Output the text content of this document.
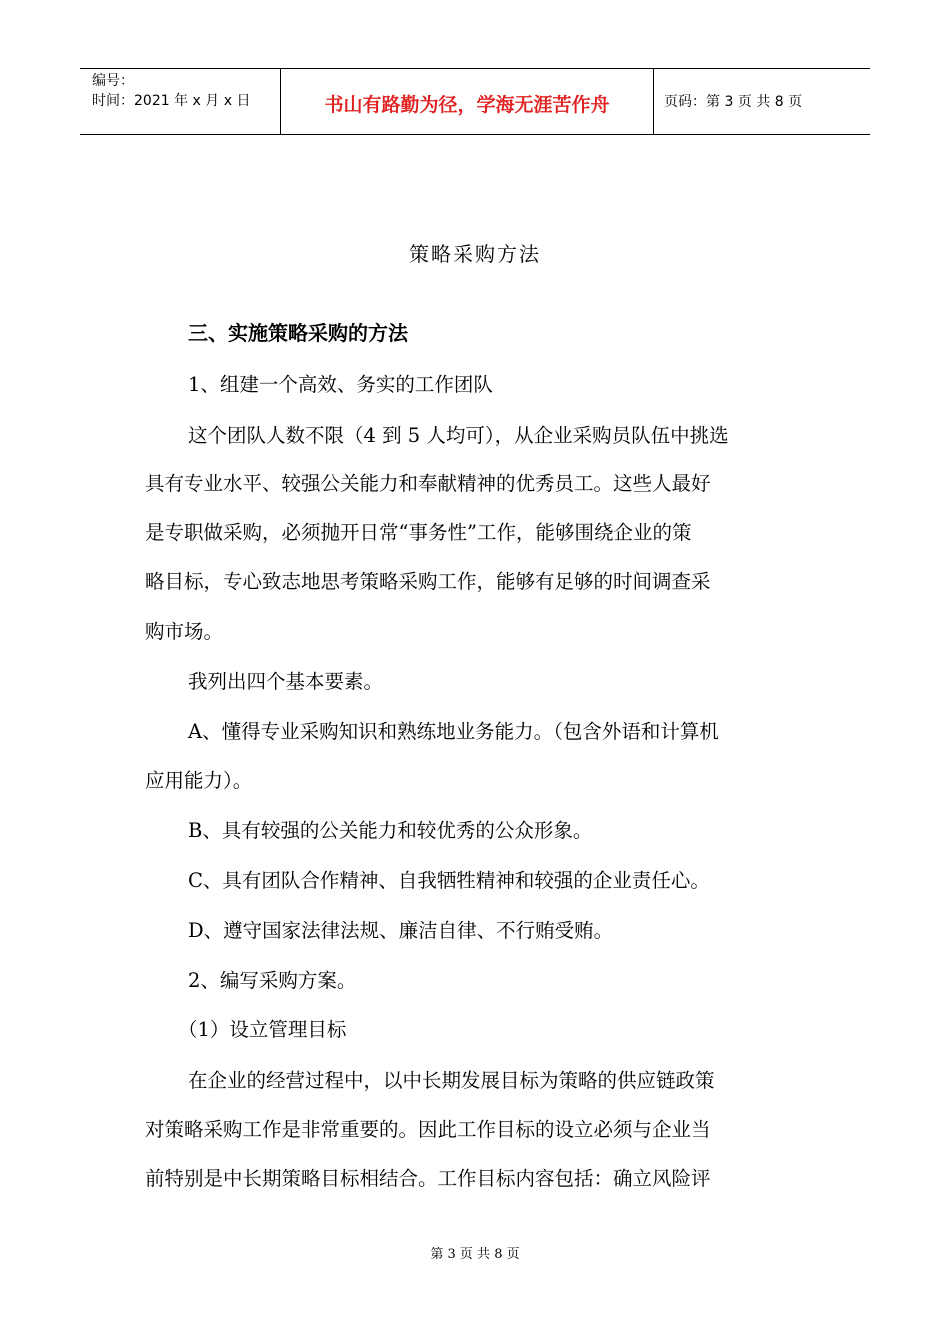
编号：
时间：2021 年 x 月 x 日	书山有路勤为径，学海无涯苦作舟	页码：第 3 页 共 8 页
策略采购方法
三、实施策略采购的方法
1、组建一个高效、务实的工作团队
这个团队人数不限（4 到 5 人均可），从企业采购员队伍中挑选
具有专业水平、较强公关能力和奉献精神的优秀员工。这些人最好
是专职做采购，必须抛开日常“事务性”工作，能够围绕企业的策
略目标，专心致志地思考策略采购工作，能够有足够的时间调查采
购市场。
我列出四个基本要素。
A、懂得专业采购知识和熟练地业务能力。（包含外语和计算机
应用能力）。
B、具有较强的公关能力和较优秀的公众形象。
C、具有团队合作精神、自我牺牲精神和较强的企业责任心。
D、遵守国家法律法规、廉洁自律、不行贿受贿。
2、编写采购方案。
（1）设立管理目标
在企业的经营过程中，以中长期发展目标为策略的供应链政策
对策略采购工作是非常重要的。因此工作目标的设立必须与企业当
前特别是中长期策略目标相结合。工作目标内容包括：确立风险评
第 3 页 共 8 页
